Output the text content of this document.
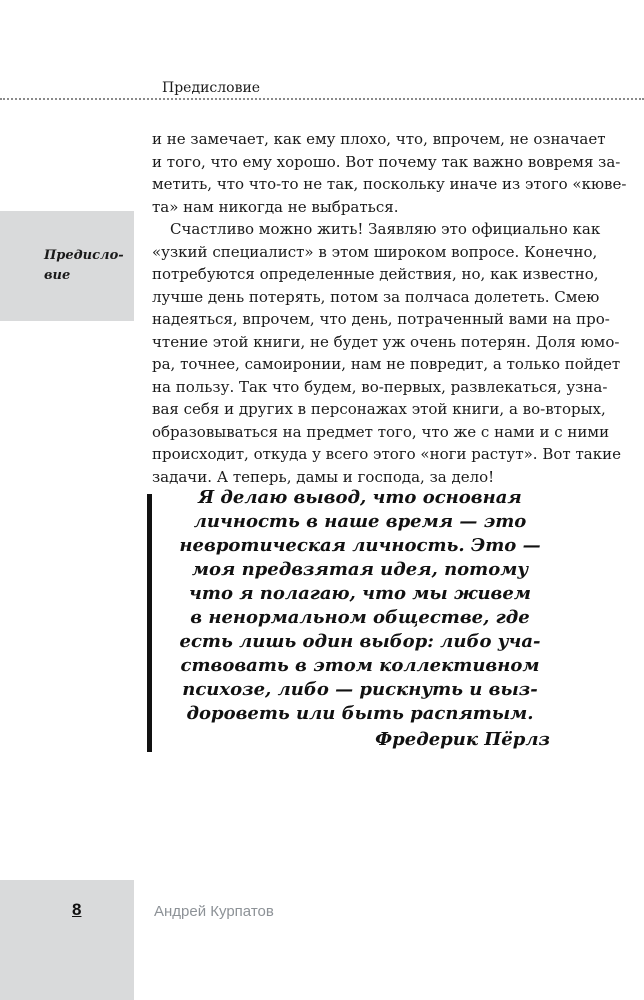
Предисловие
Предисло-
вие
и не замечает, как ему плохо, что, впрочем, не означает
и того, что ему хорошо. Вот почему так важно вовремя за-
метить, что что-то не так, поскольку иначе из этого «кюве-
та» нам никогда не выбраться.
Счастливо можно жить! Заявляю это официально как
«узкий специалист» в этом широком вопросе. Конечно,
потребуются определенные действия, но, как известно,
лучше день потерять, потом за полчаса долететь. Смею
надеяться, впрочем, что день, потраченный вами на про-
чтение этой книги, не будет уж очень потерян. Доля юмо-
ра, точнее, самоиронии, нам не повредит, а только пойдет
на пользу. Так что будем, во-первых, развлекаться, узна-
вая себя и других в персонажах этой книги, а во-вторых,
образовываться на предмет того, что же с нами и с ними
происходит, откуда у всего этого «ноги растут». Вот такие
задачи. А теперь, дамы и господа, за дело!
Я делаю вывод, что основная
личность в наше время — это
невротическая личность. Это —
моя предвзятая идея, потому
что я полагаю, что мы живем
в ненормальном обществе, где
есть лишь один выбор: либо уча-
ствовать в этом коллективном
психозе, либо — рискнуть и выз-
дороветь или быть распятым.
Фредерик Пёрлз
8	Андрей Курпатов
